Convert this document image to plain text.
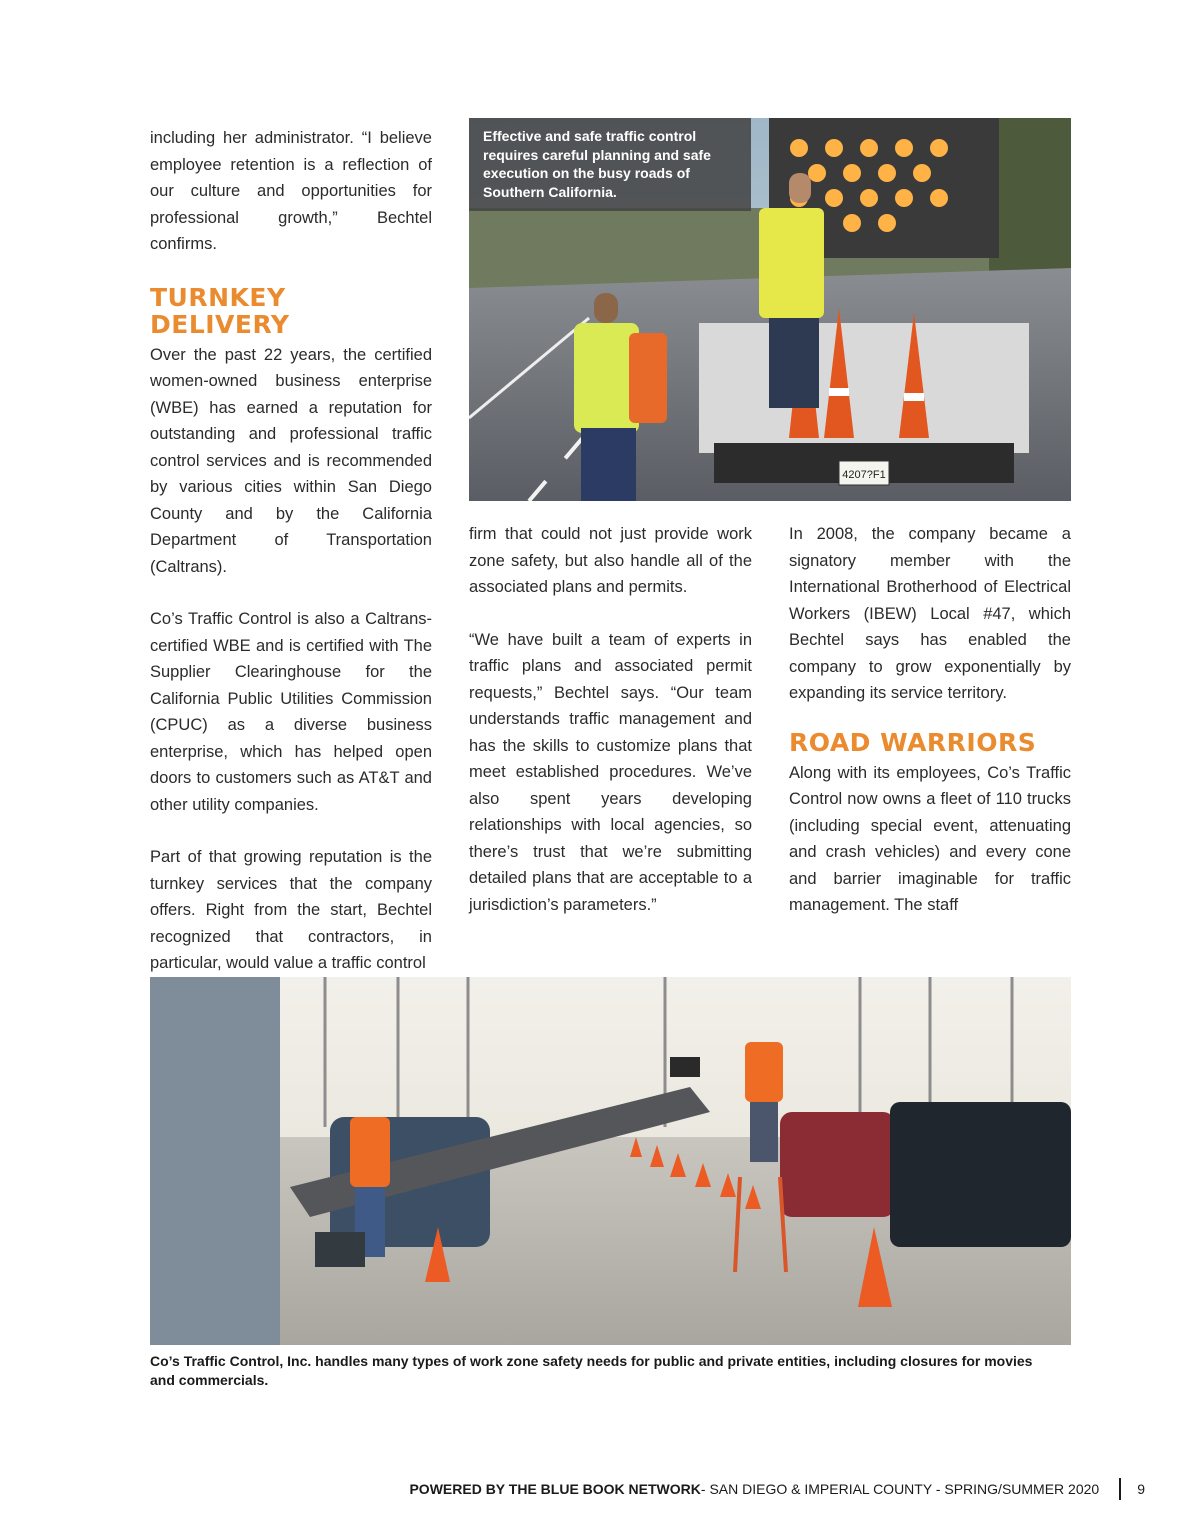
including her administrator. “I believe employee retention is a reflection of our culture and opportunities for professional growth,” Bechtel confirms.

TURNKEY
DELIVERY

Over the past 22 years, the certified women-owned business enterprise (WBE) has earned a reputation for outstanding and professional traffic control services and is recommended by various cities within San Diego County and by the California Department of Transportation (Caltrans).

Co’s Traffic Control is also a Caltrans-certified WBE and is certified with The Supplier Clearinghouse for the California Public Utilities Commission (CPUC) as a diverse business enterprise, which has helped open doors to customers such as AT&T and other utility companies.

Part of that growing reputation is the turnkey services that the company offers. Right from the start, Bechtel recognized that contractors, in particular, would value a traffic control

4207?F1
Effective and safe traffic control requires careful planning and safe execution on the busy roads of Southern California.

firm that could not just provide work zone safety, but also handle all of the associated plans and permits.

“We have built a team of experts in traffic plans and associated permit requests,” Bechtel says. “Our team understands traffic management and has the skills to customize plans that meet established procedures. We’ve also spent years developing relationships with local agencies, so there’s trust that we’re submitting detailed plans that are acceptable to a jurisdiction’s parameters.”

In 2008, the company became a signatory member with the International Brotherhood of Electrical Workers (IBEW) Local #47, which Bechtel says has enabled the company to grow exponentially by expanding its service territory.

ROAD WARRIORS

Along with its employees, Co’s Traffic Control now owns a fleet of 110 trucks (including special event, attenuating and crash vehicles) and every cone and barrier imaginable for traffic management. The staff

Co’s Traffic Control, Inc. handles many types of work zone safety needs for public and private entities, including closures for movies and commercials.
POWERED BY THE BLUE BOOK NETWORK - SAN DIEGO & IMPERIAL COUNTY - SPRING/SUMMER 2020	9
